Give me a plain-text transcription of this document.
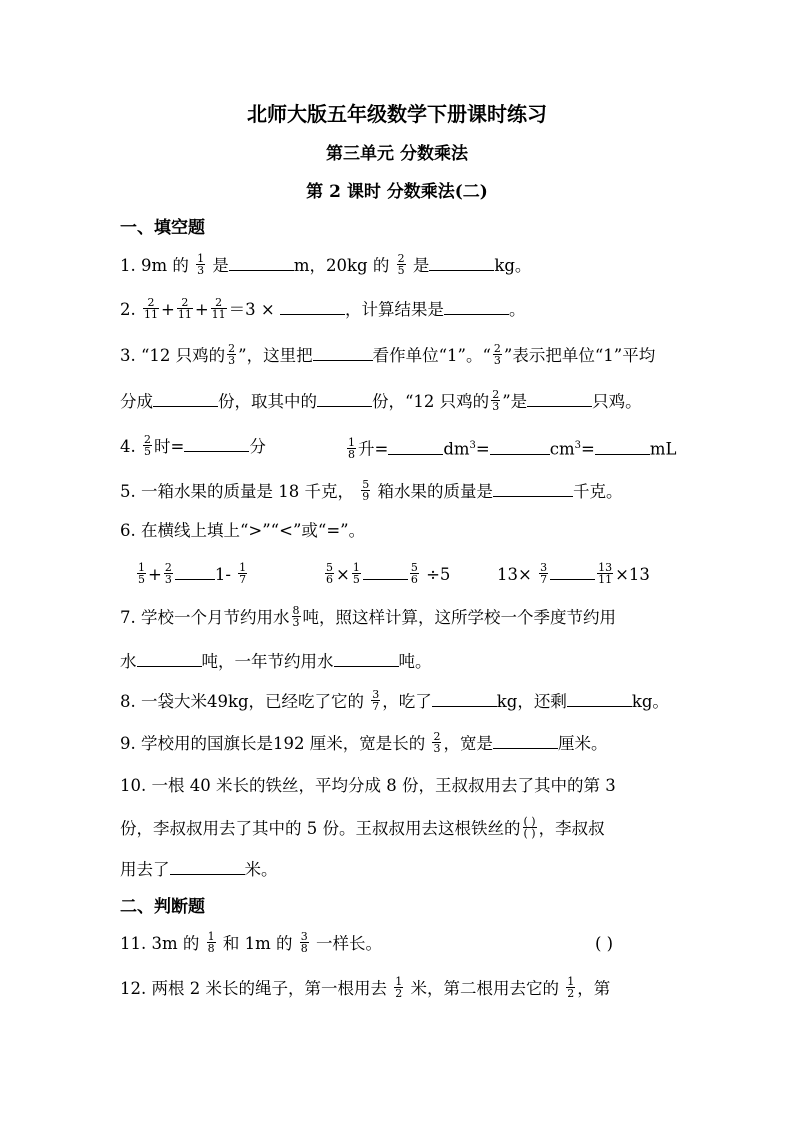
北师大版五年级数学下册课时练习
第三单元 分数乘法
第 2 课时 分数乘法(二)
一、填空题
1. 9m 的 $\frac{1}{3}$ 是	m，20kg 的 $\frac{2}{5}$ 是	kg。
2. $\frac{2}{11} + \frac{2}{11} + \frac{2}{11} =3$ ×	，计算结果是	。
3. “12 只鸡的 $\frac{2}{3}$ ”，这里把	看作单位“1”。“ $\frac{2}{3}$ ”表示把单位“1”平均
分成	份，取其中的	份，“12 只鸡的 $\frac{2}{3}$ ”是	只鸡。
4. $\frac{2}{5}$ 时=	分	$\frac{1}{8}$ 升=	$dm^3=$	$cm^3=$	mL
5. 一箱水果的质量是 18 千克， $\frac{5}{9}$ 箱水果的质量是	千克。
6. 在横线上填上“>”“<”或“=”。
$\frac{1}{5} + \frac{2}{3}$	$1- \frac{1}{7}$	$\frac{5}{6} \times \frac{1}{5}$	$\frac{5}{6} \div 5$	$13\times \frac{3}{7}$	$\frac{13}{11} \times 13$
7. 学校一个月节约用水 $\frac{8}{3}$ 吨，照这样计算，这所学校一个季度节约用
水	吨，一年节约用水	吨。
8. 一袋大米49kg，已经吃了它的 $\frac{3}{7}$ ，吃了	kg，还剩	kg。
9. 学校用的国旗长是192 厘米，宽是长的 $\frac{2}{3}$ ，宽是	厘米。
10. 一根 40 米长的铁丝，平均分成 8 份，王叔叔用去了其中的第 3
份，李叔叔用去了其中的 5 份。王叔叔用去这根铁丝的 ( )
( ) ，李叔叔
用去了	米。
二、判断题
11. 3m 的 $\frac{1}{8}$ 和 1m 的 $\frac{3}{8}$ 一样长。	( )
12. 两根 2 米长的绳子，第一根用去 $\frac{1}{2}$ 米，第二根用去它的 $\frac{1}{2}$ ，第
